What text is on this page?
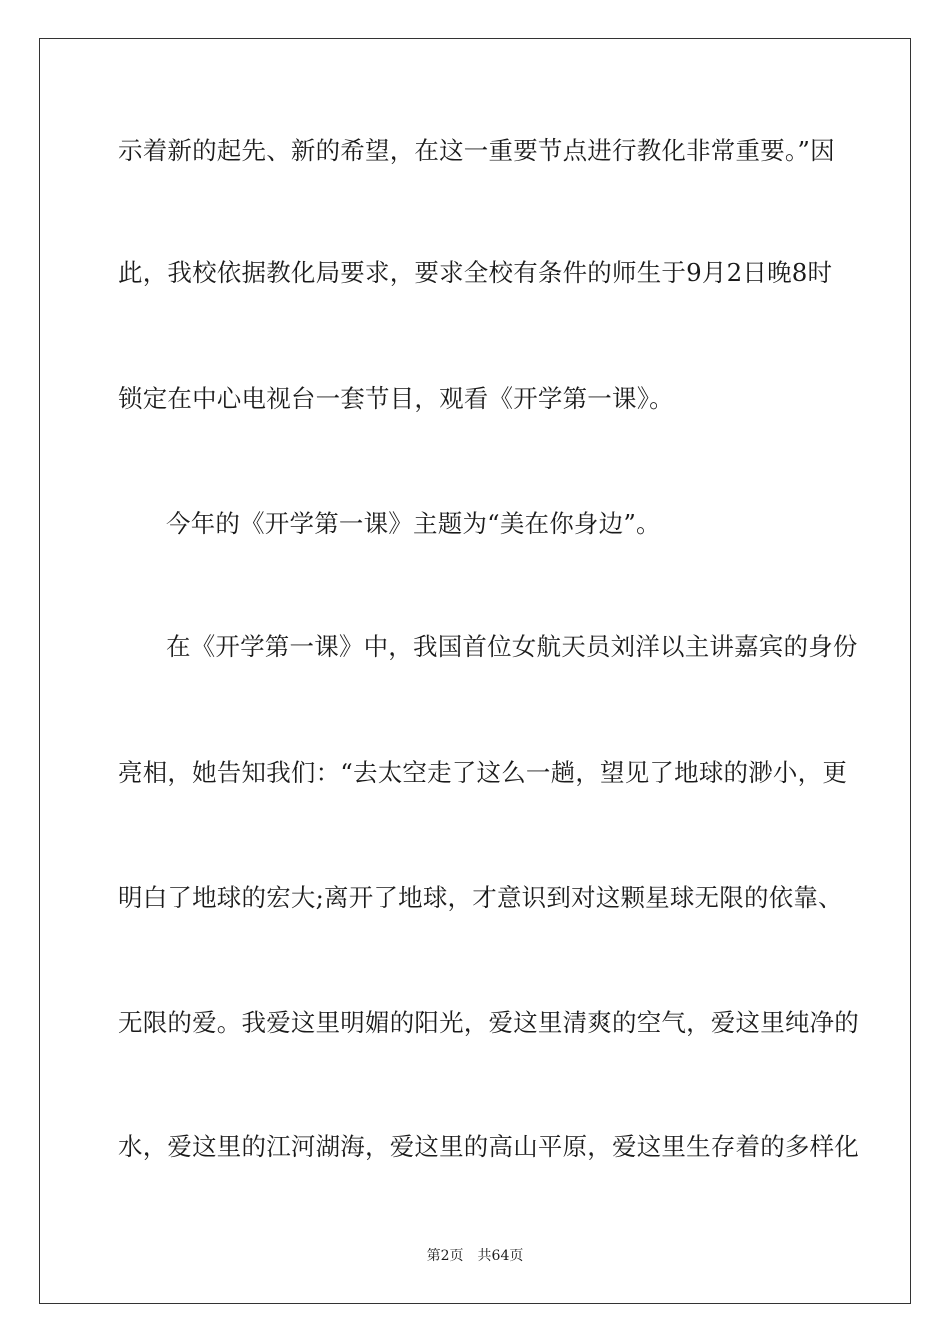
示着新的起先、新的希望，在这一重要节点进行教化非常重要。”因
此，我校依据教化局要求，要求全校有条件的师生于9月2日晚8时
锁定在中心电视台一套节目，观看《开学第一课》。
今年的《开学第一课》主题为“美在你身边”。
在《开学第一课》中，我国首位女航天员刘洋以主讲嘉宾的身份
亮相，她告知我们：“去太空走了这么一趟，望见了地球的渺小，更
明白了地球的宏大;离开了地球，才意识到对这颗星球无限的依靠、
无限的爱。我爱这里明媚的阳光，爱这里清爽的空气，爱这里纯净的
水，爱这里的江河湖海，爱这里的高山平原，爱这里生存着的多样化
第2页 共64页
